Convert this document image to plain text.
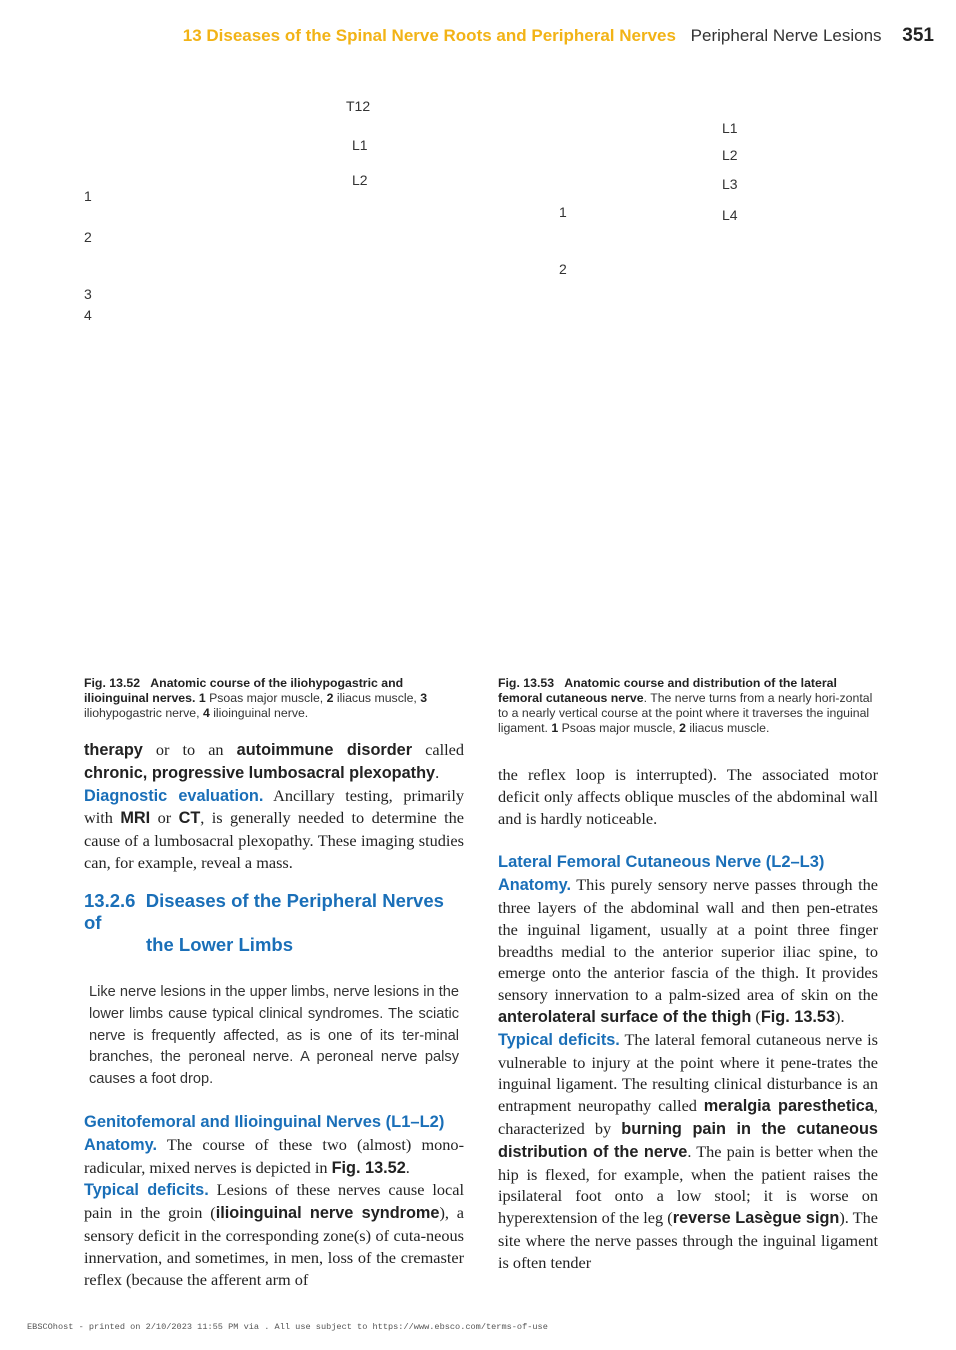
13 Diseases of the Spinal Nerve Roots and Peripheral Nerves Peripheral Nerve Lesions 351
T12
L1
L2
1
2
3
4
L1
L2
L3
L4
1
2
Fig. 13.52 Anatomic course of the iliohypogastric and ilioinguinal nerves. 1 Psoas major muscle, 2 iliacus muscle, 3 iliohypogastric nerve, 4 ilioinguinal nerve.
Fig. 13.53 Anatomic course and distribution of the lateral femoral cutaneous nerve. The nerve turns from a nearly hori-zontal to a nearly vertical course at the point where it traverses the inguinal ligament. 1 Psoas major muscle, 2 iliacus muscle.

therapy or to an autoimmune disorder called chronic, progressive lumbosacral plexopathy.

Diagnostic evaluation. Ancillary testing, primarily with MRI or CT, is generally needed to determine the cause of a lumbosacral plexopathy. These imaging studies can, for example, reveal a mass.

13.2.6 Diseases of the Peripheral Nerves of
the Lower Limbs
Like nerve lesions in the upper limbs, nerve lesions in the lower limbs cause typical clinical syndromes. The sciatic nerve is frequently affected, as is one of its ter-minal branches, the peroneal nerve. A peroneal nerve palsy causes a foot drop.

Genitofemoral and Ilioinguinal Nerves (L1–L2)

Anatomy. The course of these two (almost) mono-radicular, mixed nerves is depicted in Fig. 13.52.

Typical deficits. Lesions of these nerves cause local pain in the groin (ilioinguinal nerve syndrome), a sensory deficit in the corresponding zone(s) of cuta-neous innervation, and sometimes, in men, loss of the cremaster reflex (because the afferent arm of

the reflex loop is interrupted). The associated motor deficit only affects oblique muscles of the abdominal wall and is hardly noticeable.

Lateral Femoral Cutaneous Nerve (L2–L3)

Anatomy. This purely sensory nerve passes through the three layers of the abdominal wall and then pen-etrates the inguinal ligament, usually at a point three finger breadths medial to the anterior superior iliac spine, to emerge onto the anterior fascia of the thigh. It provides sensory innervation to a palm-sized area of skin on the anterolateral surface of the thigh (Fig. 13.53).

Typical deficits. The lateral femoral cutaneous nerve is vulnerable to injury at the point where it pene-trates the inguinal ligament. The resulting clinical disturbance is an entrapment neuropathy called meralgia paresthetica, characterized by burning pain in the cutaneous distribution of the nerve. The pain is better when the hip is flexed, for example, when the patient raises the ipsilateral foot onto a low stool; it is worse on hyperextension of the leg (reverse Lasègue sign). The site where the nerve passes through the inguinal ligament is often tender

EBSCOhost - printed on 2/10/2023 11:55 PM via . All use subject to https://www.ebsco.com/terms-of-use
